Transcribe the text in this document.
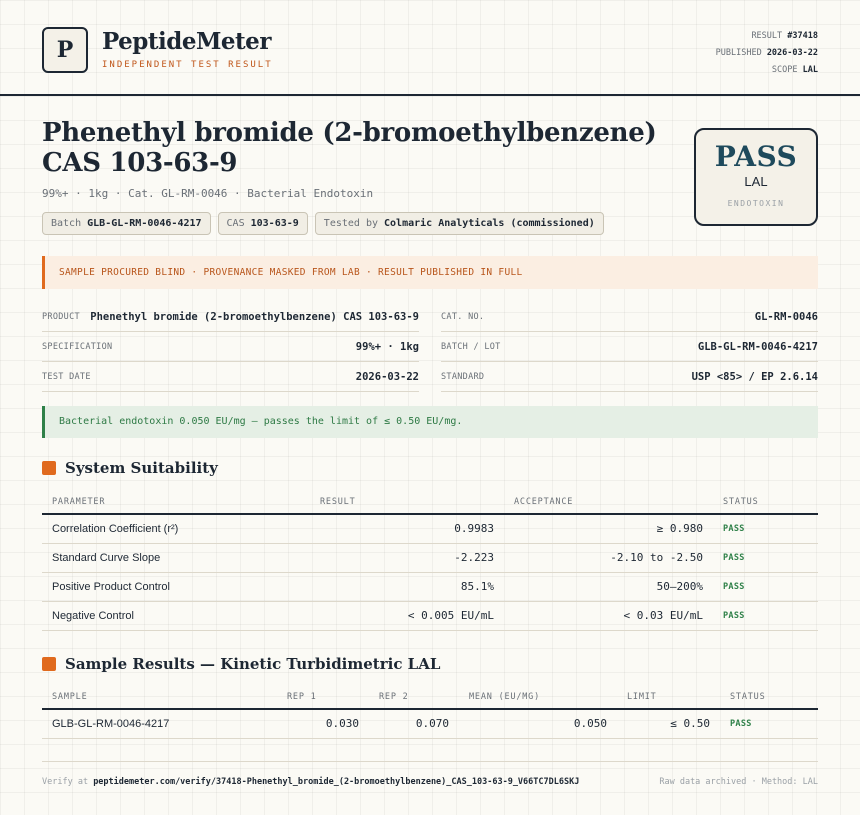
P	PeptideMeter
INDEPENDENT TEST RESULT
RESULT #37418
PUBLISHED 2026-03-22
SCOPE LAL
Phenethyl bromide (2-bromoethylbenzene)
CAS 103-63-9
99%+ · 1kg · Cat. GL-RM-0046 · Bacterial Endotoxin
Batch GLB-GL-RM-0046-4217	CAS 103-63-9	Tested by Colmaric Analyticals (commissioned)
PASS
LAL
ENDOTOXIN
SAMPLE PROCURED BLIND · PROVENANCE MASKED FROM LAB · RESULT PUBLISHED IN FULL
PRODUCT Phenethyl bromide (2-bromoethylbenzene) CAS 103-63-9
SPECIFICATION	99%+ · 1kg
TEST DATE	2026-03-22
CAT. NO.	GL-RM-0046
BATCH / LOT	GLB-GL-RM-0046-4217
STANDARD	USP <85> / EP 2.6.14
Bacterial endotoxin 0.050 EU/mg — passes the limit of ≤ 0.50 EU/mg.
System Suitability
PARAMETER	RESULT	ACCEPTANCE	STATUS
Correlation Coefficient (r²)	0.9983	≥ 0.980	PASS
Standard Curve Slope	-2.223	-2.10 to -2.50	PASS
Positive Product Control	85.1%	50–200%	PASS
Negative Control	< 0.005 EU/mL	< 0.03 EU/mL	PASS
Sample Results — Kinetic Turbidimetric LAL
SAMPLE	REP 1	REP 2	MEAN (EU/MG)	LIMIT	STATUS
GLB-GL-RM-0046-4217	0.030	0.070	0.050	≤ 0.50	PASS
Verify at peptidemeter.com/verify/37418-Phenethyl_bromide_(2-bromoethylbenzene)_CAS_103-63-9_V66TC7DL6SKJ	Raw data archived · Method: LAL
